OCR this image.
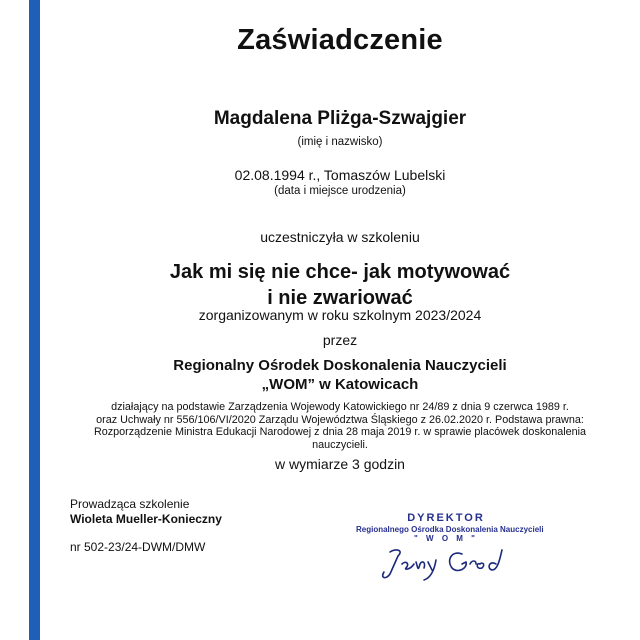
Zaświadczenie
Magdalena Pliżga-Szwajgier
(imię i nazwisko)
02.08.1994 r., Tomaszów Lubelski
(data i miejsce urodzenia)
uczestniczyła w szkoleniu
Jak mi się nie chce- jak motywować
i nie zwariować
zorganizowanym w roku szkolnym 2023/2024
przez
Regionalny Ośrodek Doskonalenia Nauczycieli
„WOM” w Katowicach
działający na podstawie Zarządzenia Wojewody Katowickiego nr 24/89 z dnia 9 czerwca 1989 r.
oraz Uchwały nr 556/106/VI/2020 Zarządu Województwa Śląskiego z 26.02.2020 r. Podstawa prawna:
Rozporządzenie Ministra Edukacji Narodowej z dnia 28 maja 2019 r. w sprawie placówek doskonalenia
nauczycieli.
w wymiarze 3 godzin
Prowadząca szkolenie
Wioleta Mueller-Konieczny
nr 502-23/24-DWM/DMW
DYREKTOR
Regionalnego Ośrodka Doskonalenia Nauczycieli
" W O M "
